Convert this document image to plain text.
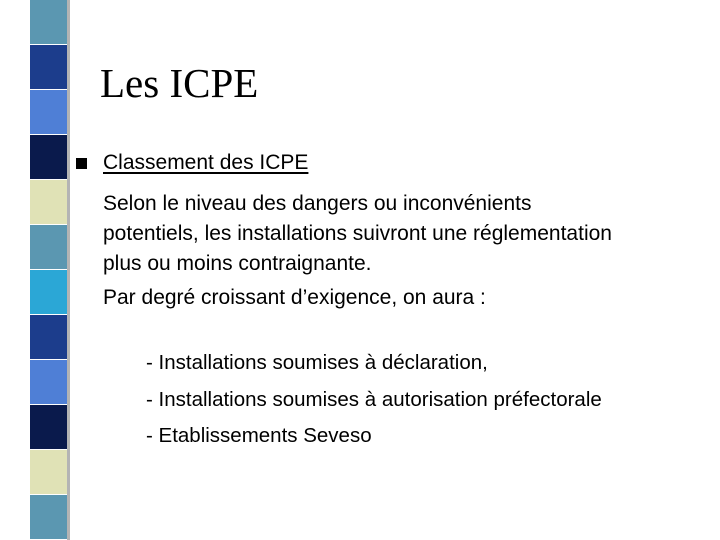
Les ICPE
Classement des ICPE
Selon le niveau des dangers ou inconvénients
potentiels, les installations suivront une réglementation
plus ou moins contraignante.
Par degré croissant d’exigence, on aura :
- Installations soumises à déclaration,
- Installations soumises à autorisation préfectorale
- Etablissements Seveso
